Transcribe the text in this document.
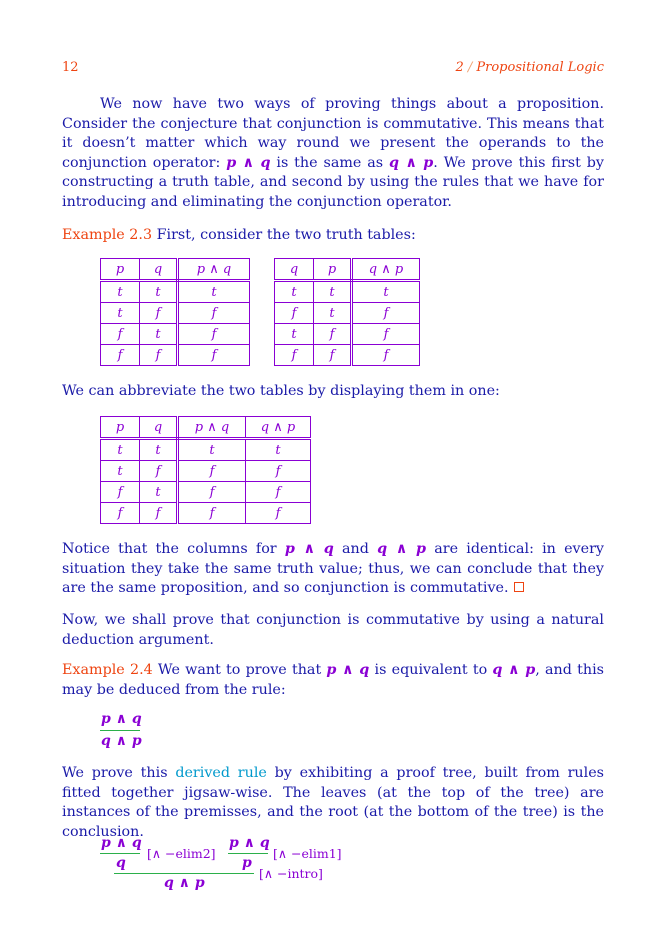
12	2 / Propositional Logic
We now have two ways of proving things about a proposition. Consider the conjecture that conjunction is commutative. This means that it doesn’t matter which way round we present the operands to the conjunction operator: p ∧ q is the same as q ∧ p. We prove this first by constructing a truth table, and second by using the rules that we have for introducing and eliminating the conjunction operator.
Example 2.3 First, consider the two truth tables:
p	q	p ∧ q
t	t	t
t	f	f
f	t	f
f	f	f
q	p	q ∧ p
t	t	t
f	t	f
t	f	f
f	f	f
We can abbreviate the two tables by displaying them in one:
p	q	p ∧ q	q ∧ p
t	t	t	t
t	f	f	f
f	t	f	f
f	f	f	f
Notice that the columns for p ∧ q and q ∧ p are identical: in every situation they take the same truth value; thus, we can conclude that they are the same proposition, and so conjunction is commutative.
Now, we shall prove that conjunction is commutative by using a natural deduction argument.
Example 2.4 We want to prove that p ∧ q is equivalent to q ∧ p, and this may be deduced from the rule:
p ∧ q
q ∧ p
We prove this derived rule by exhibiting a proof tree, built from rules fitted together jigsaw-wise. The leaves (at the top of the tree) are instances of the premisses, and the root (at the bottom of the tree) is the conclusion.
p ∧ q
q
[∧ −elim2]
p ∧ q
p
[∧ −elim1]
q ∧ p
[∧ −intro]
